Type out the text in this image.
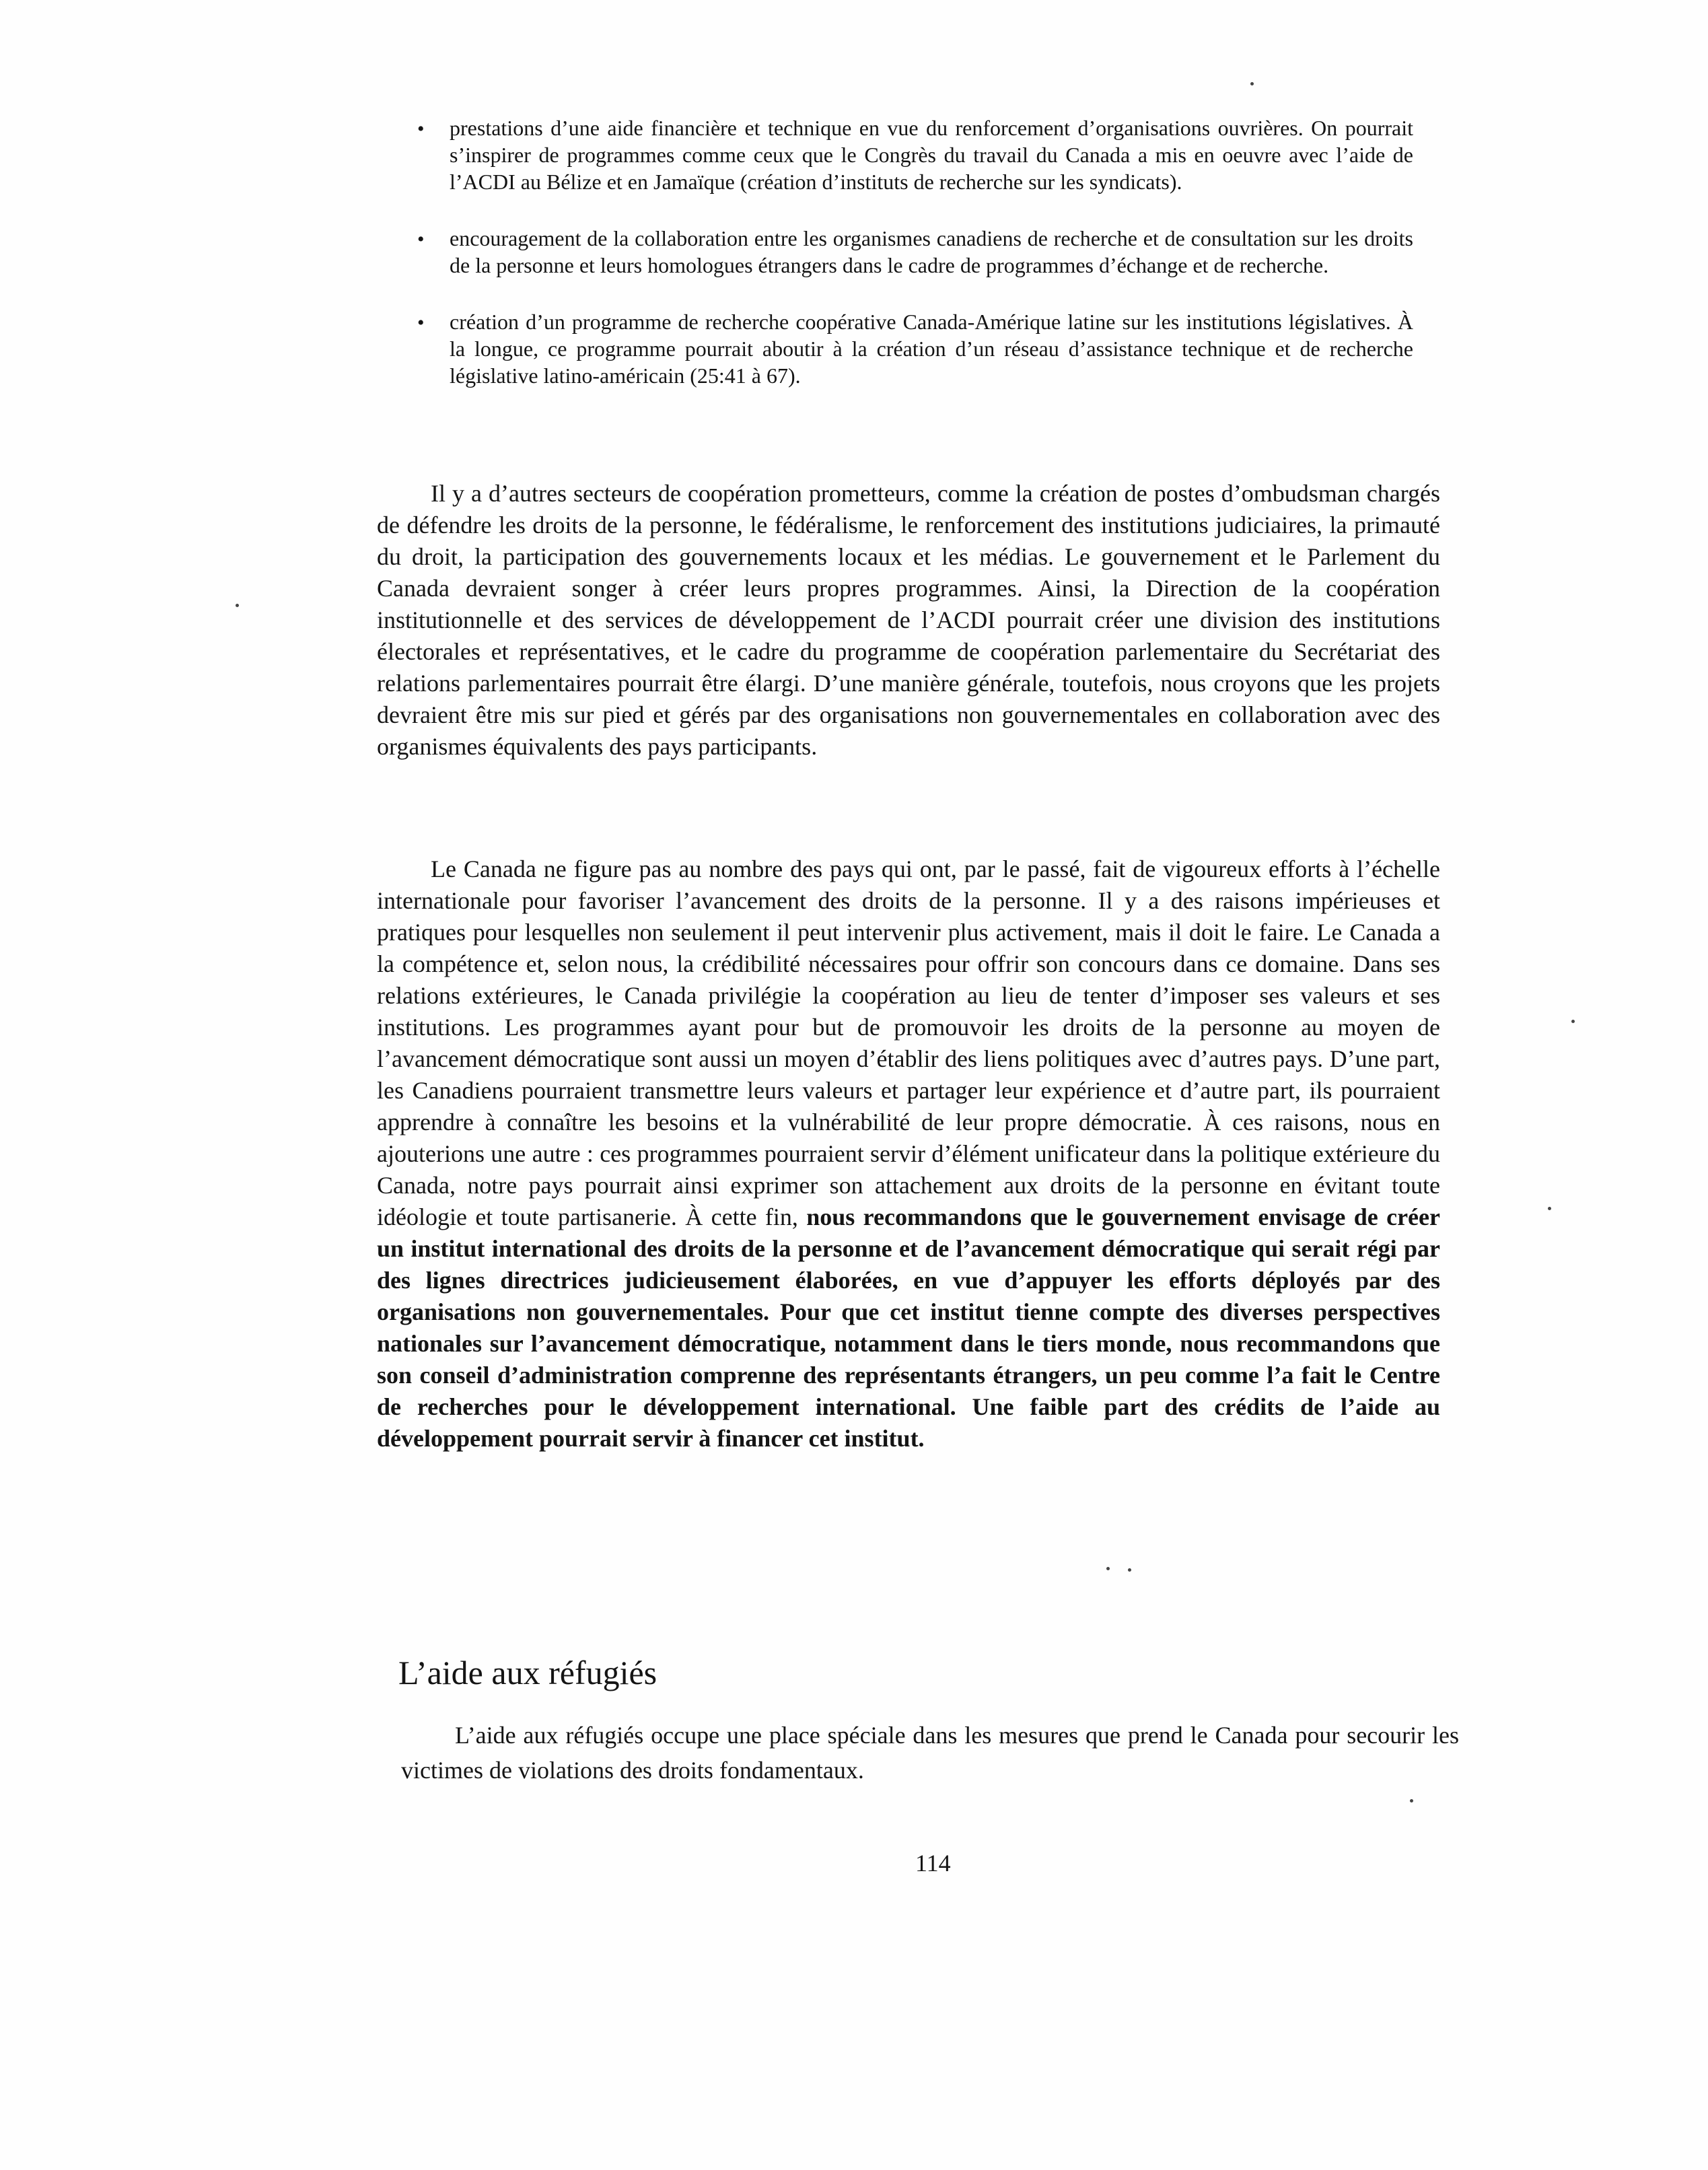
• prestations d’une aide financière et technique en vue du renforcement d’organisations ouvrières. On pourrait s’inspirer de programmes comme ceux que le Congrès du travail du Canada a mis en oeuvre avec l’aide de l’ACDI au Bélize et en Jamaïque (création d’instituts de recherche sur les syndicats).
• encouragement de la collaboration entre les organismes canadiens de recherche et de consultation sur les droits de la personne et leurs homologues étrangers dans le cadre de programmes d’échange et de recherche.
• création d’un programme de recherche coopérative Canada-Amérique latine sur les institutions législatives. À la longue, ce programme pourrait aboutir à la création d’un réseau d’assistance technique et de recherche législative latino-américain (25:41 à 67).

Il y a d’autres secteurs de coopération prometteurs, comme la création de postes d’ombudsman chargés de défendre les droits de la personne, le fédéralisme, le renforcement des institutions judiciaires, la primauté du droit, la participation des gouvernements locaux et les médias. Le gouvernement et le Parlement du Canada devraient songer à créer leurs propres programmes. Ainsi, la Direction de la coopération institutionnelle et des services de développement de l’ACDI pourrait créer une division des institutions électorales et représentatives, et le cadre du programme de coopération parlementaire du Secrétariat des relations parlementaires pourrait être élargi. D’une manière générale, toutefois, nous croyons que les projets devraient être mis sur pied et gérés par des organisations non gouvernementales en collaboration avec des organismes équivalents des pays participants.

Le Canada ne figure pas au nombre des pays qui ont, par le passé, fait de vigoureux efforts à l’échelle internationale pour favoriser l’avancement des droits de la personne. Il y a des raisons impérieuses et pratiques pour lesquelles non seulement il peut intervenir plus activement, mais il doit le faire. Le Canada a la compétence et, selon nous, la crédibilité nécessaires pour offrir son concours dans ce domaine. Dans ses relations extérieures, le Canada privilégie la coopération au lieu de tenter d’imposer ses valeurs et ses institutions. Les programmes ayant pour but de promouvoir les droits de la personne au moyen de l’avancement démocratique sont aussi un moyen d’établir des liens politiques avec d’autres pays. D’une part, les Canadiens pourraient transmettre leurs valeurs et partager leur expérience et d’autre part, ils pourraient apprendre à connaître les besoins et la vulnérabilité de leur propre démocratie. À ces raisons, nous en ajouterions une autre : ces programmes pourraient servir d’élément unificateur dans la politique extérieure du Canada, notre pays pourrait ainsi exprimer son attachement aux droits de la personne en évitant toute idéologie et toute partisanerie. À cette fin, nous recommandons que le gouvernement envisage de créer un institut international des droits de la personne et de l’avancement démocratique qui serait régi par des lignes directrices judicieusement élaborées, en vue d’appuyer les efforts déployés par des organisations non gouvernementales. Pour que cet institut tienne compte des diverses perspectives nationales sur l’avancement démocratique, notamment dans le tiers monde, nous recommandons que son conseil d’administration comprenne des représentants étrangers, un peu comme l’a fait le Centre de recherches pour le développement international. Une faible part des crédits de l’aide au développement pourrait servir à financer cet institut.

L’aide aux réfugiés

L’aide aux réfugiés occupe une place spéciale dans les mesures que prend le Canada pour secourir les victimes de violations des droits fondamentaux.

114
